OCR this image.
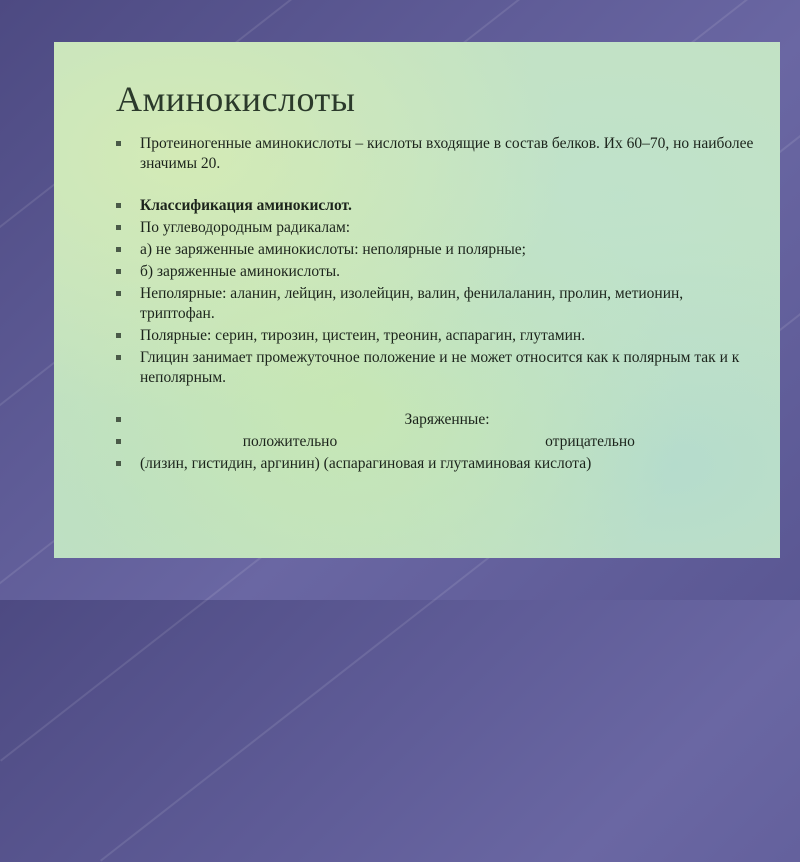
Аминокислоты
Протеиногенные аминокислоты – кислоты входящие в состав белков. Их 60–70, но наиболее значимы 20.
Классификация аминокислот.
По углеводородным радикалам:
а) не заряженные аминокислоты: неполярные и полярные;
б) заряженные аминокислоты.
Неполярные: аланин, лейцин, изолейцин, валин, фенилаланин, пролин, метионин, триптофан.
Полярные: серин, тирозин, цистеин, треонин, аспарагин, глутамин.
Глицин занимает промежуточное положение и не может относится как к полярным так и к неполярным.
Заряженные:
положительно	отрицательно
(лизин, гистидин, аргинин) (аспарагиновая и глутаминовая кислота)
